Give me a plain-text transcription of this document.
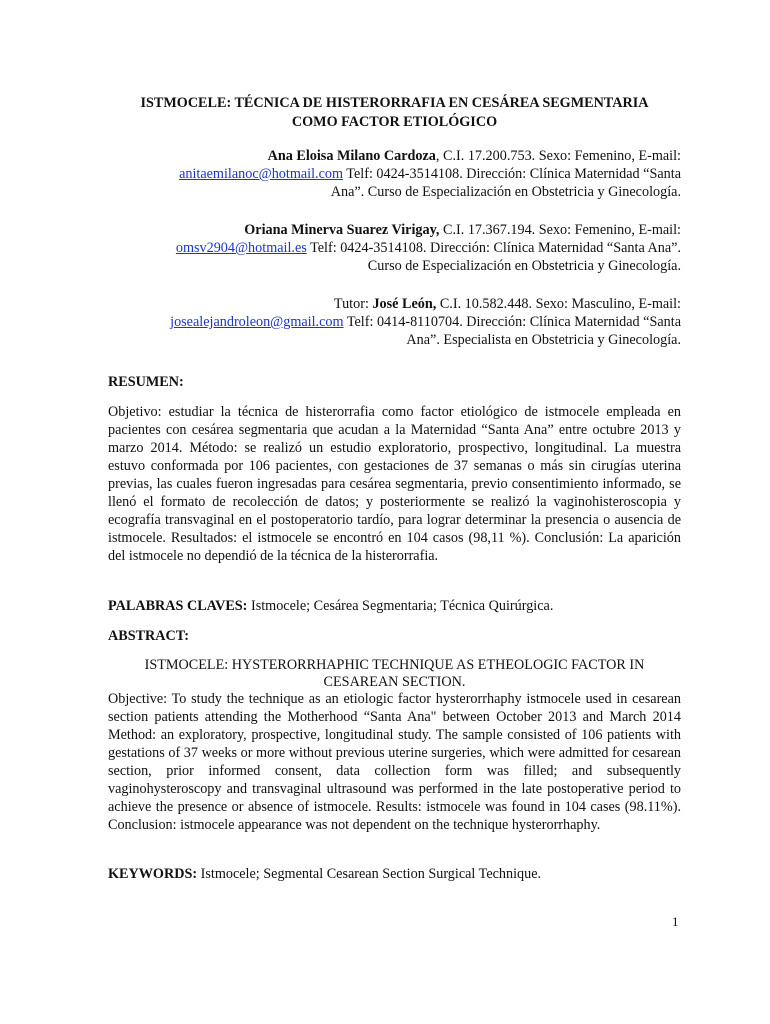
ISTMOCELE: TÉCNICA DE HISTERORRAFIA EN CESÁREA SEGMENTARIA
COMO FACTOR ETIOLÓGICO

Ana Eloisa Milano Cardoza, C.I. 17.200.753. Sexo: Femenino, E-mail:

anitaemilanoc@hotmail.com Telf: 0424-3514108. Dirección: Clínica Maternidad “Santa

Ana”. Curso de Especialización en Obstetricia y Ginecología.

Oriana Minerva Suarez Virigay, C.I. 17.367.194. Sexo: Femenino, E-mail:

omsv2904@hotmail.es Telf: 0424-3514108. Dirección: Clínica Maternidad “Santa Ana”.

Curso de Especialización en Obstetricia y Ginecología.

Tutor: José León, C.I. 10.582.448. Sexo: Masculino, E-mail:

josealejandroleon@gmail.com Telf: 0414-8110704. Dirección: Clínica Maternidad “Santa

Ana”. Especialista en Obstetricia y Ginecología.

RESUMEN:

Objetivo: estudiar la técnica de histerorrafia como factor etiológico de istmocele empleada en pacientes con cesárea segmentaria que acudan a la Maternidad “Santa Ana” entre octubre 2013 y marzo 2014. Método: se realizó un estudio exploratorio, prospectivo, longitudinal. La muestra estuvo conformada por 106 pacientes, con gestaciones de 37 semanas o más sin cirugías uterina previas, las cuales fueron ingresadas para cesárea segmentaria, previo consentimiento informado, se llenó el formato de recolección de datos; y posteriormente se realizó la vaginohisteroscopia y ecografía transvaginal en el postoperatorio tardío, para lograr determinar la presencia o ausencia de istmocele. Resultados: el istmocele se encontró en 104 casos (98,11 %). Conclusión: La aparición del istmocele no dependió de la técnica de la histerorrafia.

PALABRAS CLAVES: Istmocele; Cesárea Segmentaria; Técnica Quirúrgica.
ABSTRACT:
ISTMOCELE: HYSTERORRHAPHIC TECHNIQUE AS ETHEOLOGIC FACTOR IN
CESAREAN SECTION.

Objective: To study the technique as an etiologic factor hysterorrhaphy istmocele used in cesarean section patients attending the Motherhood “Santa Ana" between October 2013 and March 2014 Method: an exploratory, prospective, longitudinal study. The sample consisted of 106 patients with gestations of 37 weeks or more without previous uterine surgeries, which were admitted for cesarean section, prior informed consent, data collection form was filled; and subsequently vaginohysteroscopy and transvaginal ultrasound was performed in the late postoperative period to achieve the presence or absence of istmocele. Results: istmocele was found in 104 cases (98.11%). Conclusion: istmocele appearance was not dependent on the technique hysterorrhaphy.

KEYWORDS: Istmocele; Segmental Cesarean Section Surgical Technique.
1
